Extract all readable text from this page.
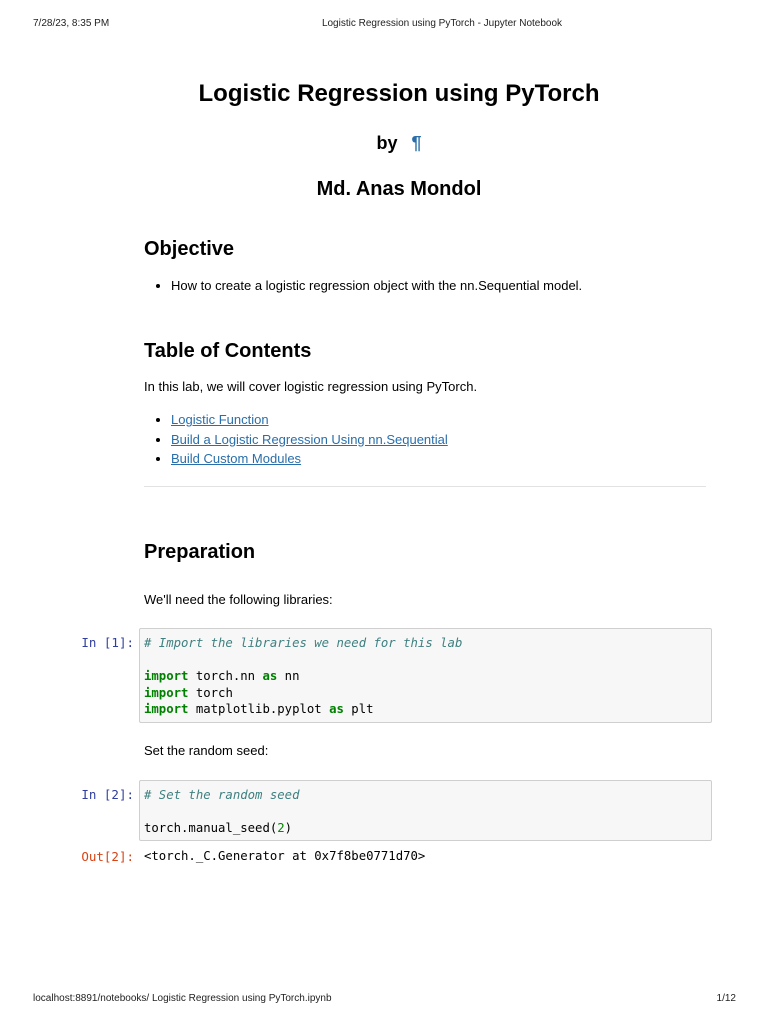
7/28/23, 8:35 PM	Logistic Regression using PyTorch - Jupyter Notebook
Logistic Regression using PyTorch
by ¶
Md. Anas Mondol
Objective
• How to create a logistic regression object with the nn.Sequential model.
Table of Contents

In this lab, we will cover logistic regression using PyTorch.

• Logistic Function
• Build a Logistic Regression Using nn.Sequential
• Build Custom Modules
Preparation

We'll need the following libraries:

Set the random seed:

In [1]: # Import the libraries we need for this lab
import torch.nn as nn
import torch
import matplotlib.pyplot as plt
In [2]: # Set the random seed
torch.manual_seed(2)
Out[2]: <torch._C.Generator at 0x7f8be0771d70>
localhost:8891/notebooks/ Logistic Regression using PyTorch.ipynb	1/12
